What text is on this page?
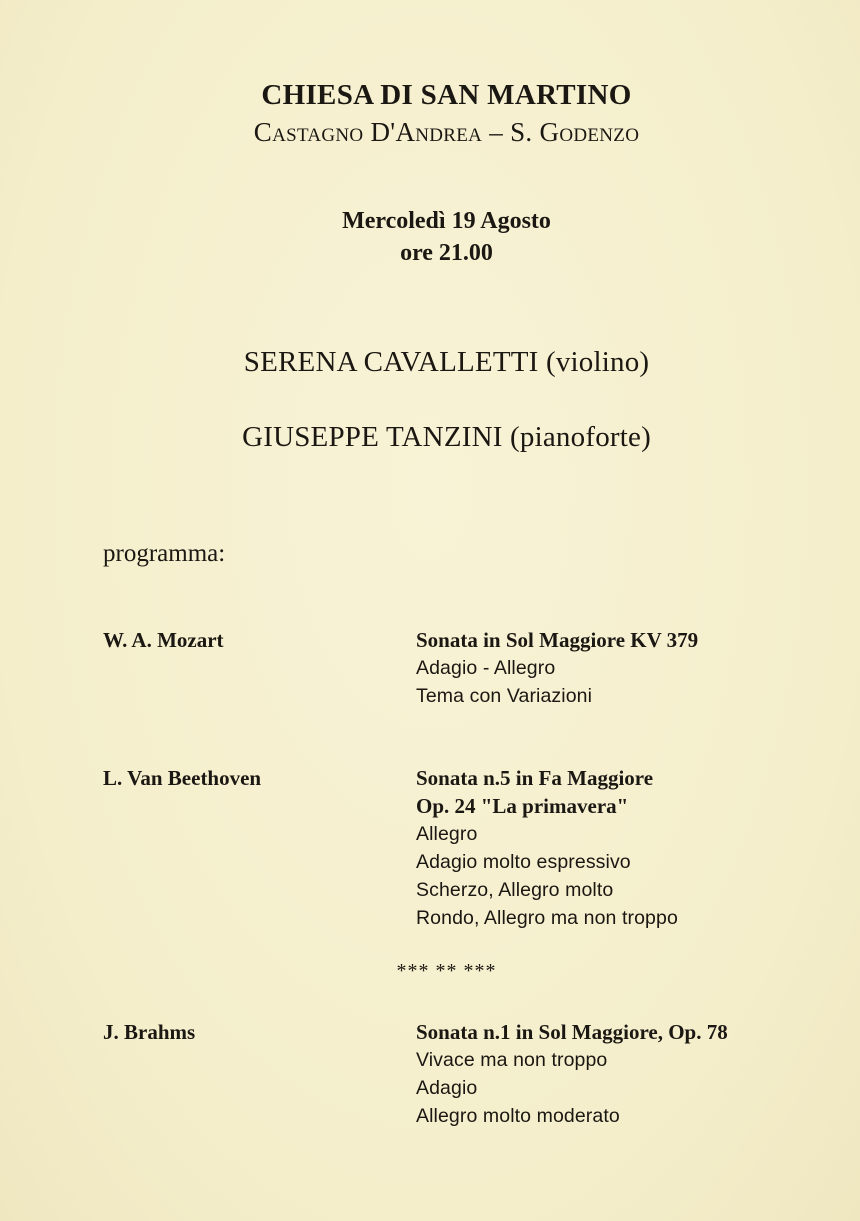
CHIESA DI SAN MARTINO
Castagno D'Andrea – S. Godenzo
Mercoledì 19 Agosto
ore 21.00
SERENA CAVALLETTI (violino)
GIUSEPPE TANZINI (pianoforte)
programma:
W. A. Mozart	Sonata in Sol Maggiore KV 379
Adagio - Allegro
Tema con Variazioni
L. Van Beethoven	Sonata n.5 in Fa Maggiore
Op. 24 "La primavera"
Allegro
Adagio molto espressivo
Scherzo, Allegro molto
Rondo, Allegro ma non troppo
*** ** ***
J. Brahms	Sonata n.1 in Sol Maggiore, Op. 78
Vivace ma non troppo
Adagio
Allegro molto moderato
